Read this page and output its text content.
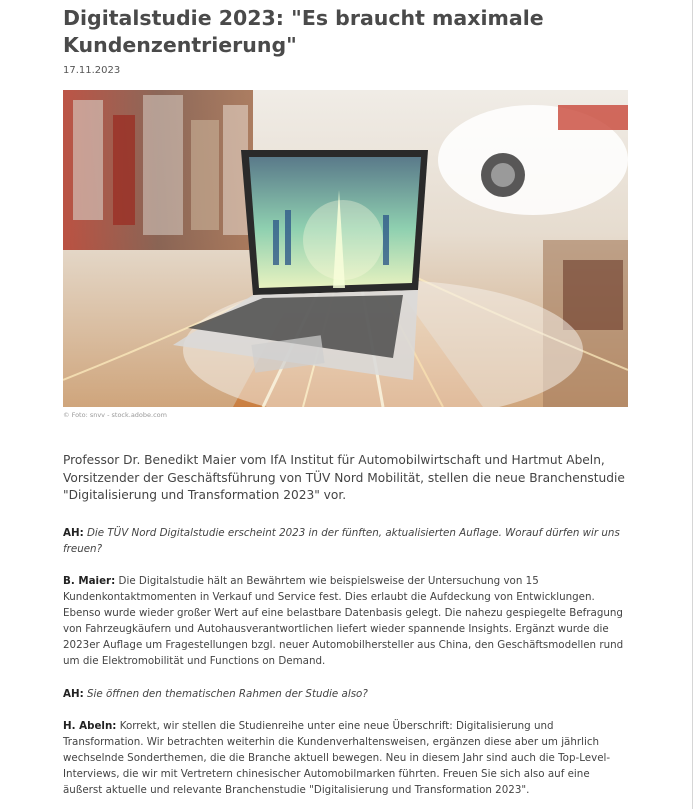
Digitalstudie 2023: "Es braucht maximale Kundenzentrierung"
17.11.2023
© Foto: snvv - stock.adobe.com

Professor Dr. Benedikt Maier vom IfA Institut für Automobilwirtschaft und Hartmut Abeln, Vorsitzender der Geschäftsführung von TÜV Nord Mobilität, stellen die neue Branchenstudie "Digitalisierung und Transformation 2023" vor.

AH: Die TÜV Nord Digitalstudie erscheint 2023 in der fünften, aktualisierten Auflage. Worauf dürfen wir uns freuen?

B. Maier: Die Digitalstudie hält an Bewährtem wie beispielsweise der Untersuchung von 15 Kundenkontaktmomenten in Verkauf und Service fest. Dies erlaubt die Aufdeckung von Entwicklungen. Ebenso wurde wieder großer Wert auf eine belastbare Datenbasis gelegt. Die nahezu gespiegelte Befragung von Fahrzeugkäufern und Autohausverantwortlichen liefert wieder spannende Insights. Ergänzt wurde die 2023er Auflage um Fragestellungen bzgl. neuer Automobilhersteller aus China, den Geschäftsmodellen rund um die Elektromobilität und Functions on Demand.

AH: Sie öffnen den thematischen Rahmen der Studie also?

H. Abeln: Korrekt, wir stellen die Studienreihe unter eine neue Überschrift: Digitalisierung und Transformation. Wir betrachten weiterhin die Kundenverhaltensweisen, ergänzen diese aber um jährlich wechselnde Sonderthemen, die die Branche aktuell bewegen. Neu in diesem Jahr sind auch die Top-Level-Interviews, die wir mit Vertretern chinesischer Automobilmarken führten. Freuen Sie sich also auf eine äußerst aktuelle und relevante Branchenstudie "Digitalisierung und Transformation 2023".
